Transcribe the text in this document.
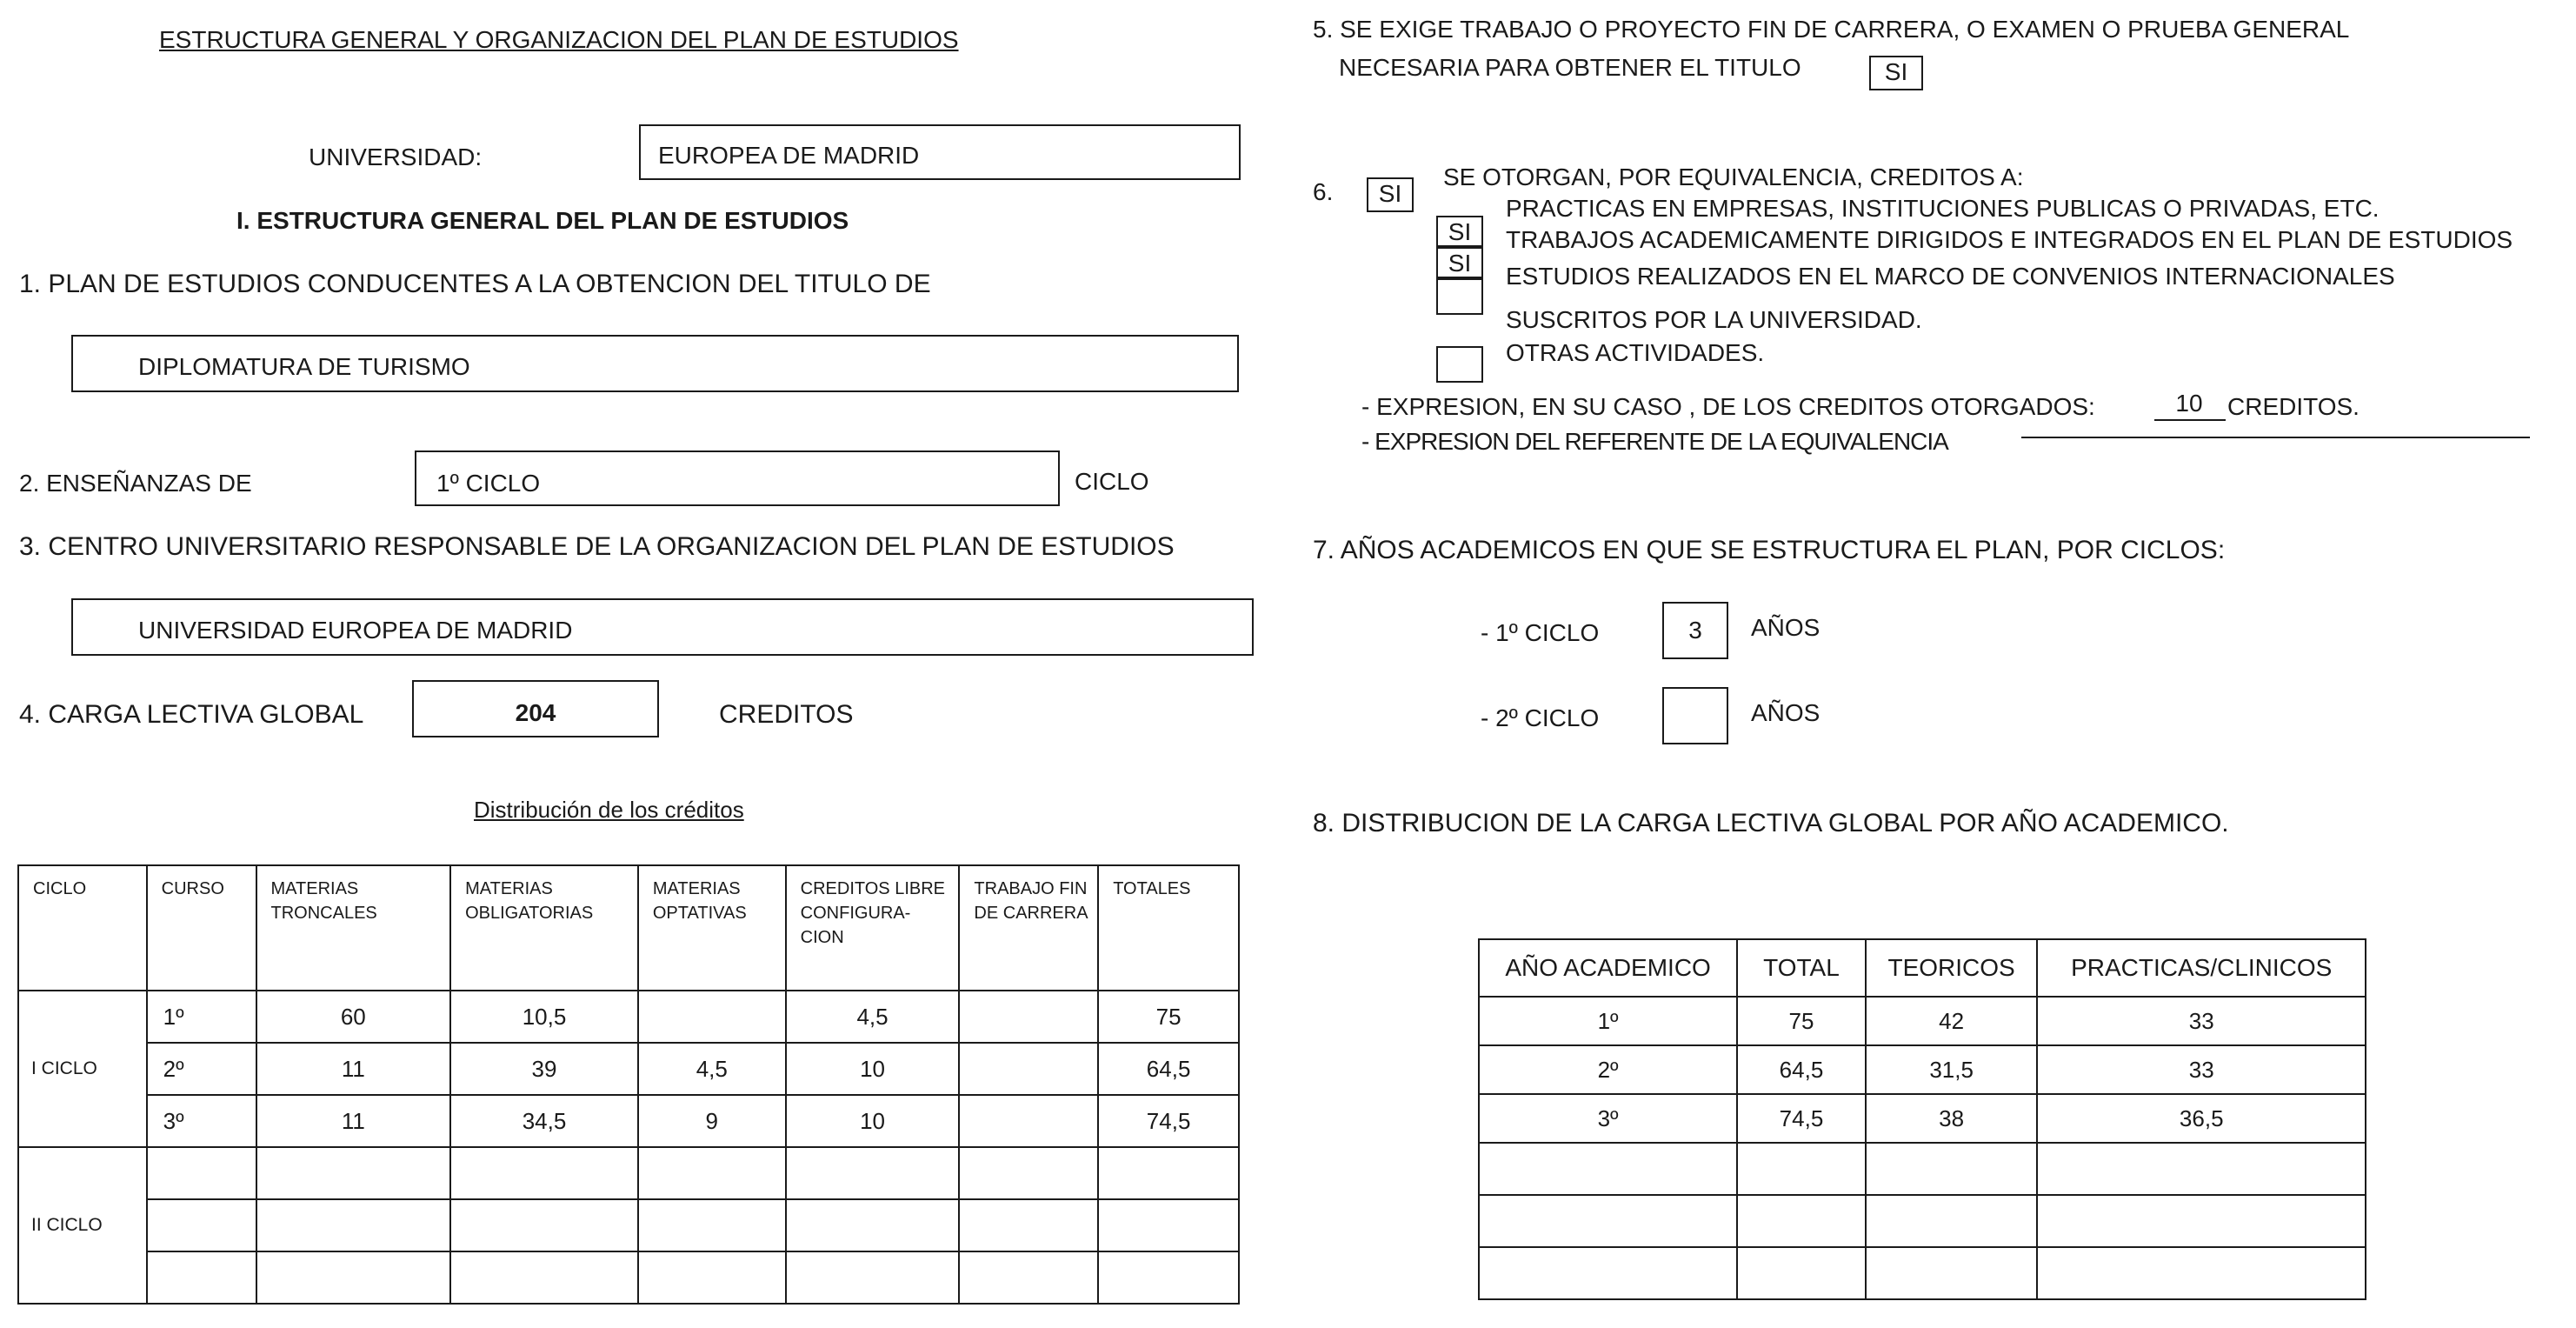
ESTRUCTURA GENERAL Y ORGANIZACION DEL PLAN DE ESTUDIOS
UNIVERSIDAD:	EUROPEA DE MADRID
I. ESTRUCTURA GENERAL DEL PLAN DE ESTUDIOS
1. PLAN DE ESTUDIOS CONDUCENTES A LA OBTENCION DEL TITULO DE
DIPLOMATURA DE TURISMO
2. ENSEÑANZAS DE	1º CICLO	CICLO
3. CENTRO UNIVERSITARIO RESPONSABLE DE LA ORGANIZACION DEL PLAN DE ESTUDIOS
UNIVERSIDAD EUROPEA DE MADRID
4. CARGA LECTIVA GLOBAL	204	CREDITOS
Distribución de los créditos
CICLO	CURSO	MATERIAS TRONCALES	MATERIAS OBLIGATORIAS	MATERIAS OPTATIVAS	CREDITOS LIBRE CONFIGURA-CION	TRABAJO FIN DE CARRERA	TOTALES
I CICLO	1º	60	10,5		4,5		75
	2º	11	39	4,5	10		64,5
	3º	11	34,5	9	10		74,5
II CICLO							

5. SE EXIGE TRABAJO O PROYECTO FIN DE CARRERA, O EXAMEN O PRUEBA GENERAL
NECESARIA PARA OBTENER EL TITULO	SI
6.	SI
SE OTORGAN, POR EQUIVALENCIA, CREDITOS A:
SI
PRACTICAS EN EMPRESAS, INSTITUCIONES PUBLICAS O PRIVADAS, ETC.
SI
TRABAJOS ACADEMICAMENTE DIRIGIDOS E INTEGRADOS EN EL PLAN DE ESTUDIOS
ESTUDIOS REALIZADOS EN EL MARCO DE CONVENIOS INTERNACIONALES
SUSCRITOS POR LA UNIVERSIDAD.
OTRAS ACTIVIDADES.
- EXPRESION, EN SU CASO , DE LOS CREDITOS OTORGADOS:	10	CREDITOS.
- EXPRESION DEL REFERENTE DE LA EQUIVALENCIA
7. AÑOS ACADEMICOS EN QUE SE ESTRUCTURA EL PLAN, POR CICLOS:
- 1º CICLO	3	AÑOS
- 2º CICLO	AÑOS
8. DISTRIBUCION DE LA CARGA LECTIVA GLOBAL POR AÑO ACADEMICO.
AÑO ACADEMICO	TOTAL	TEORICOS	PRACTICAS/CLINICOS
1º	75	42	33
2º	64,5	31,5	33
3º	74,5	38	36,5
